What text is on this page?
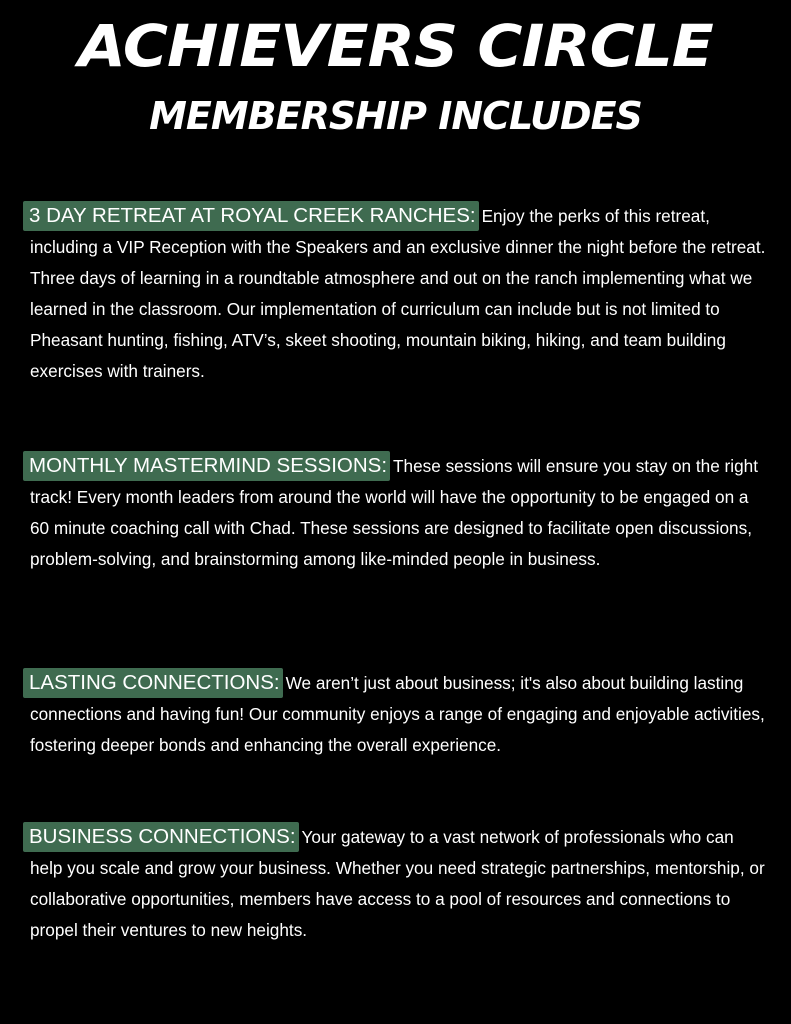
ACHIEVERS CIRCLE
MEMBERSHIP INCLUDES
3 DAY RETREAT AT ROYAL CREEK RANCHES: Enjoy the perks of this retreat, including a VIP Reception with the Speakers and an exclusive dinner the night before the retreat. Three days of learning in a roundtable atmosphere and out on the ranch implementing what we learned in the classroom. Our implementation of curriculum can include but is not limited to Pheasant hunting, fishing, ATV’s, skeet shooting, mountain biking, hiking, and team building exercises with trainers.
MONTHLY MASTERMIND SESSIONS: These sessions will ensure you stay on the right track! Every month leaders from around the world will have the opportunity to be engaged on a 60 minute coaching call with Chad. These sessions are designed to facilitate open discussions, problem-solving, and brainstorming among like-minded people in business.
LASTING CONNECTIONS: We aren’t just about business; it's also about building lasting connections and having fun! Our community enjoys a range of engaging and enjoyable activities, fostering deeper bonds and enhancing the overall experience.
BUSINESS CONNECTIONS: Your gateway to a vast network of professionals who can help you scale and grow your business. Whether you need strategic partnerships, mentorship, or collaborative opportunities, members have access to a pool of resources and connections to propel their ventures to new heights.
